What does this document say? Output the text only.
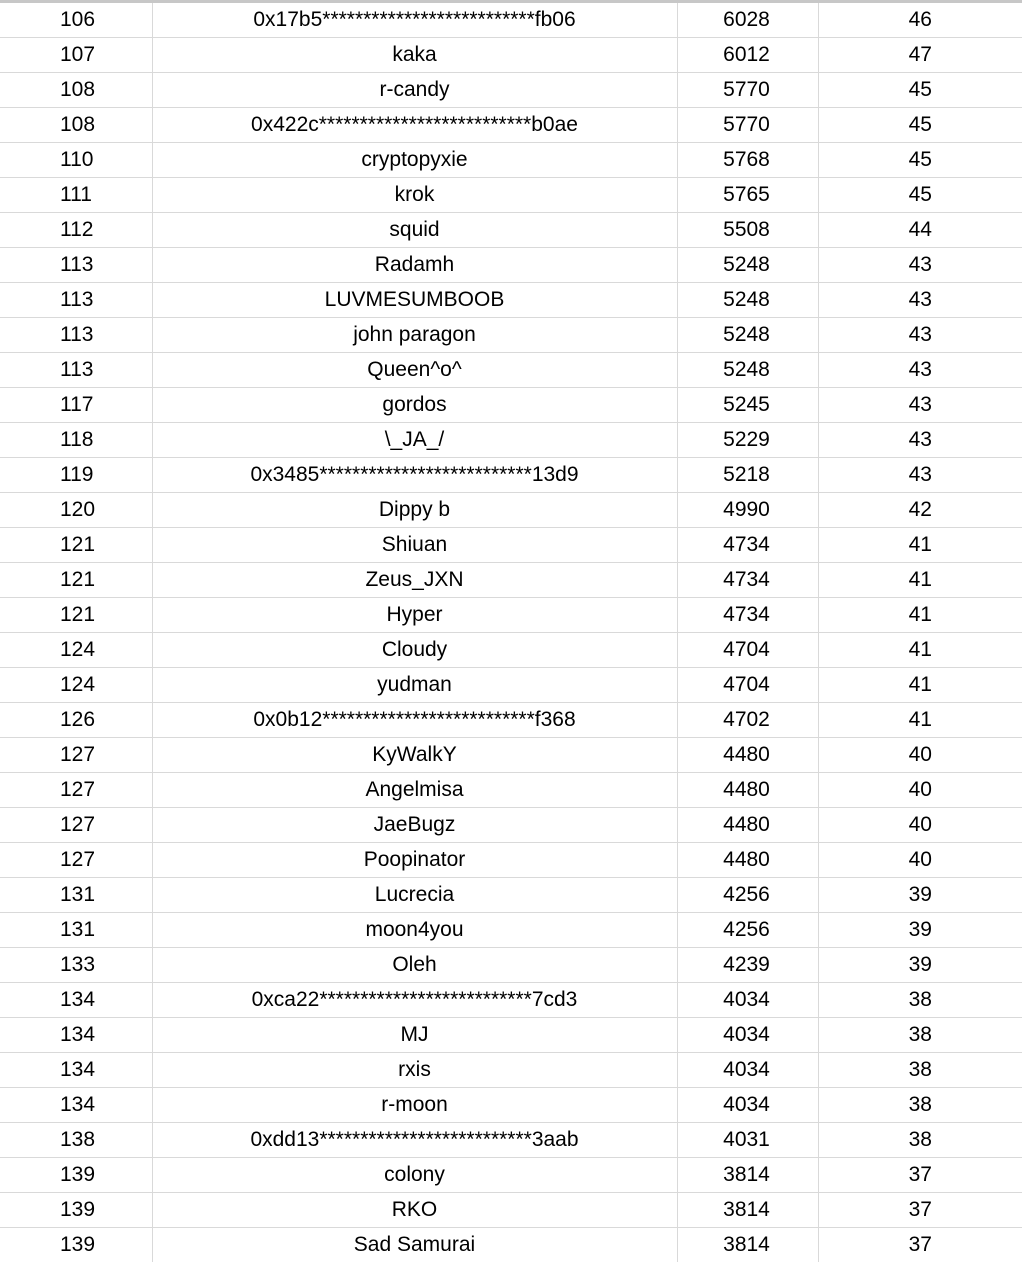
106	0x17b5**************************fb06	6028	46
107	kaka	6012	47
108	r-candy	5770	45
108	0x422c**************************b0ae	5770	45
110	cryptopyxie	5768	45
111	krok	5765	45
112	squid	5508	44
113	Radamh	5248	43
113	LUVMESUMBOOB	5248	43
113	john paragon	5248	43
113	Queen^o^	5248	43
117	gordos	5245	43
118	\_JA_/	5229	43
119	0x3485**************************13d9	5218	43
120	Dippy b	4990	42
121	Shiuan	4734	41
121	Zeus_JXN	4734	41
121	Hyper	4734	41
124	Cloudy	4704	41
124	yudman	4704	41
126	0x0b12**************************f368	4702	41
127	KyWalkY	4480	40
127	Angelmisa	4480	40
127	JaeBugz	4480	40
127	Poopinator	4480	40
131	Lucrecia	4256	39
131	moon4you	4256	39
133	Oleh	4239	39
134	0xca22**************************7cd3	4034	38
134	MJ	4034	38
134	rxis	4034	38
134	r-moon	4034	38
138	0xdd13**************************3aab	4031	38
139	colony	3814	37
139	RKO	3814	37
139	Sad Samurai	3814	37
